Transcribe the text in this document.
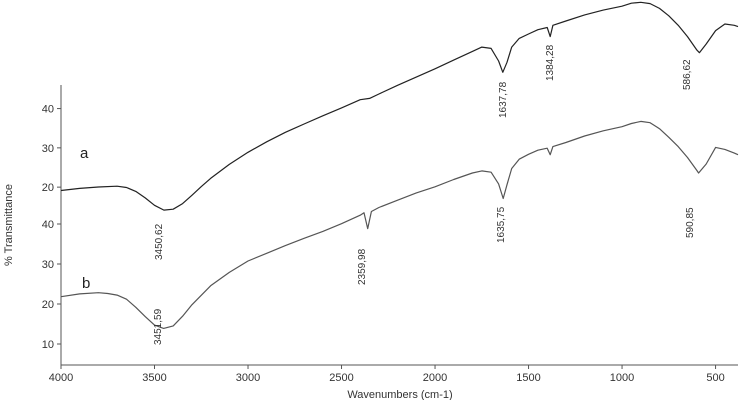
4000	3500	3000	2500	2000	1500	1000	500
20
30
40
10
20
30
40
a
b
1637,78
1384,28	586,62
3450,62
2359,98
1635,75	590,85
3451,59
% Transmittance
Wavenumbers (cm-1)
